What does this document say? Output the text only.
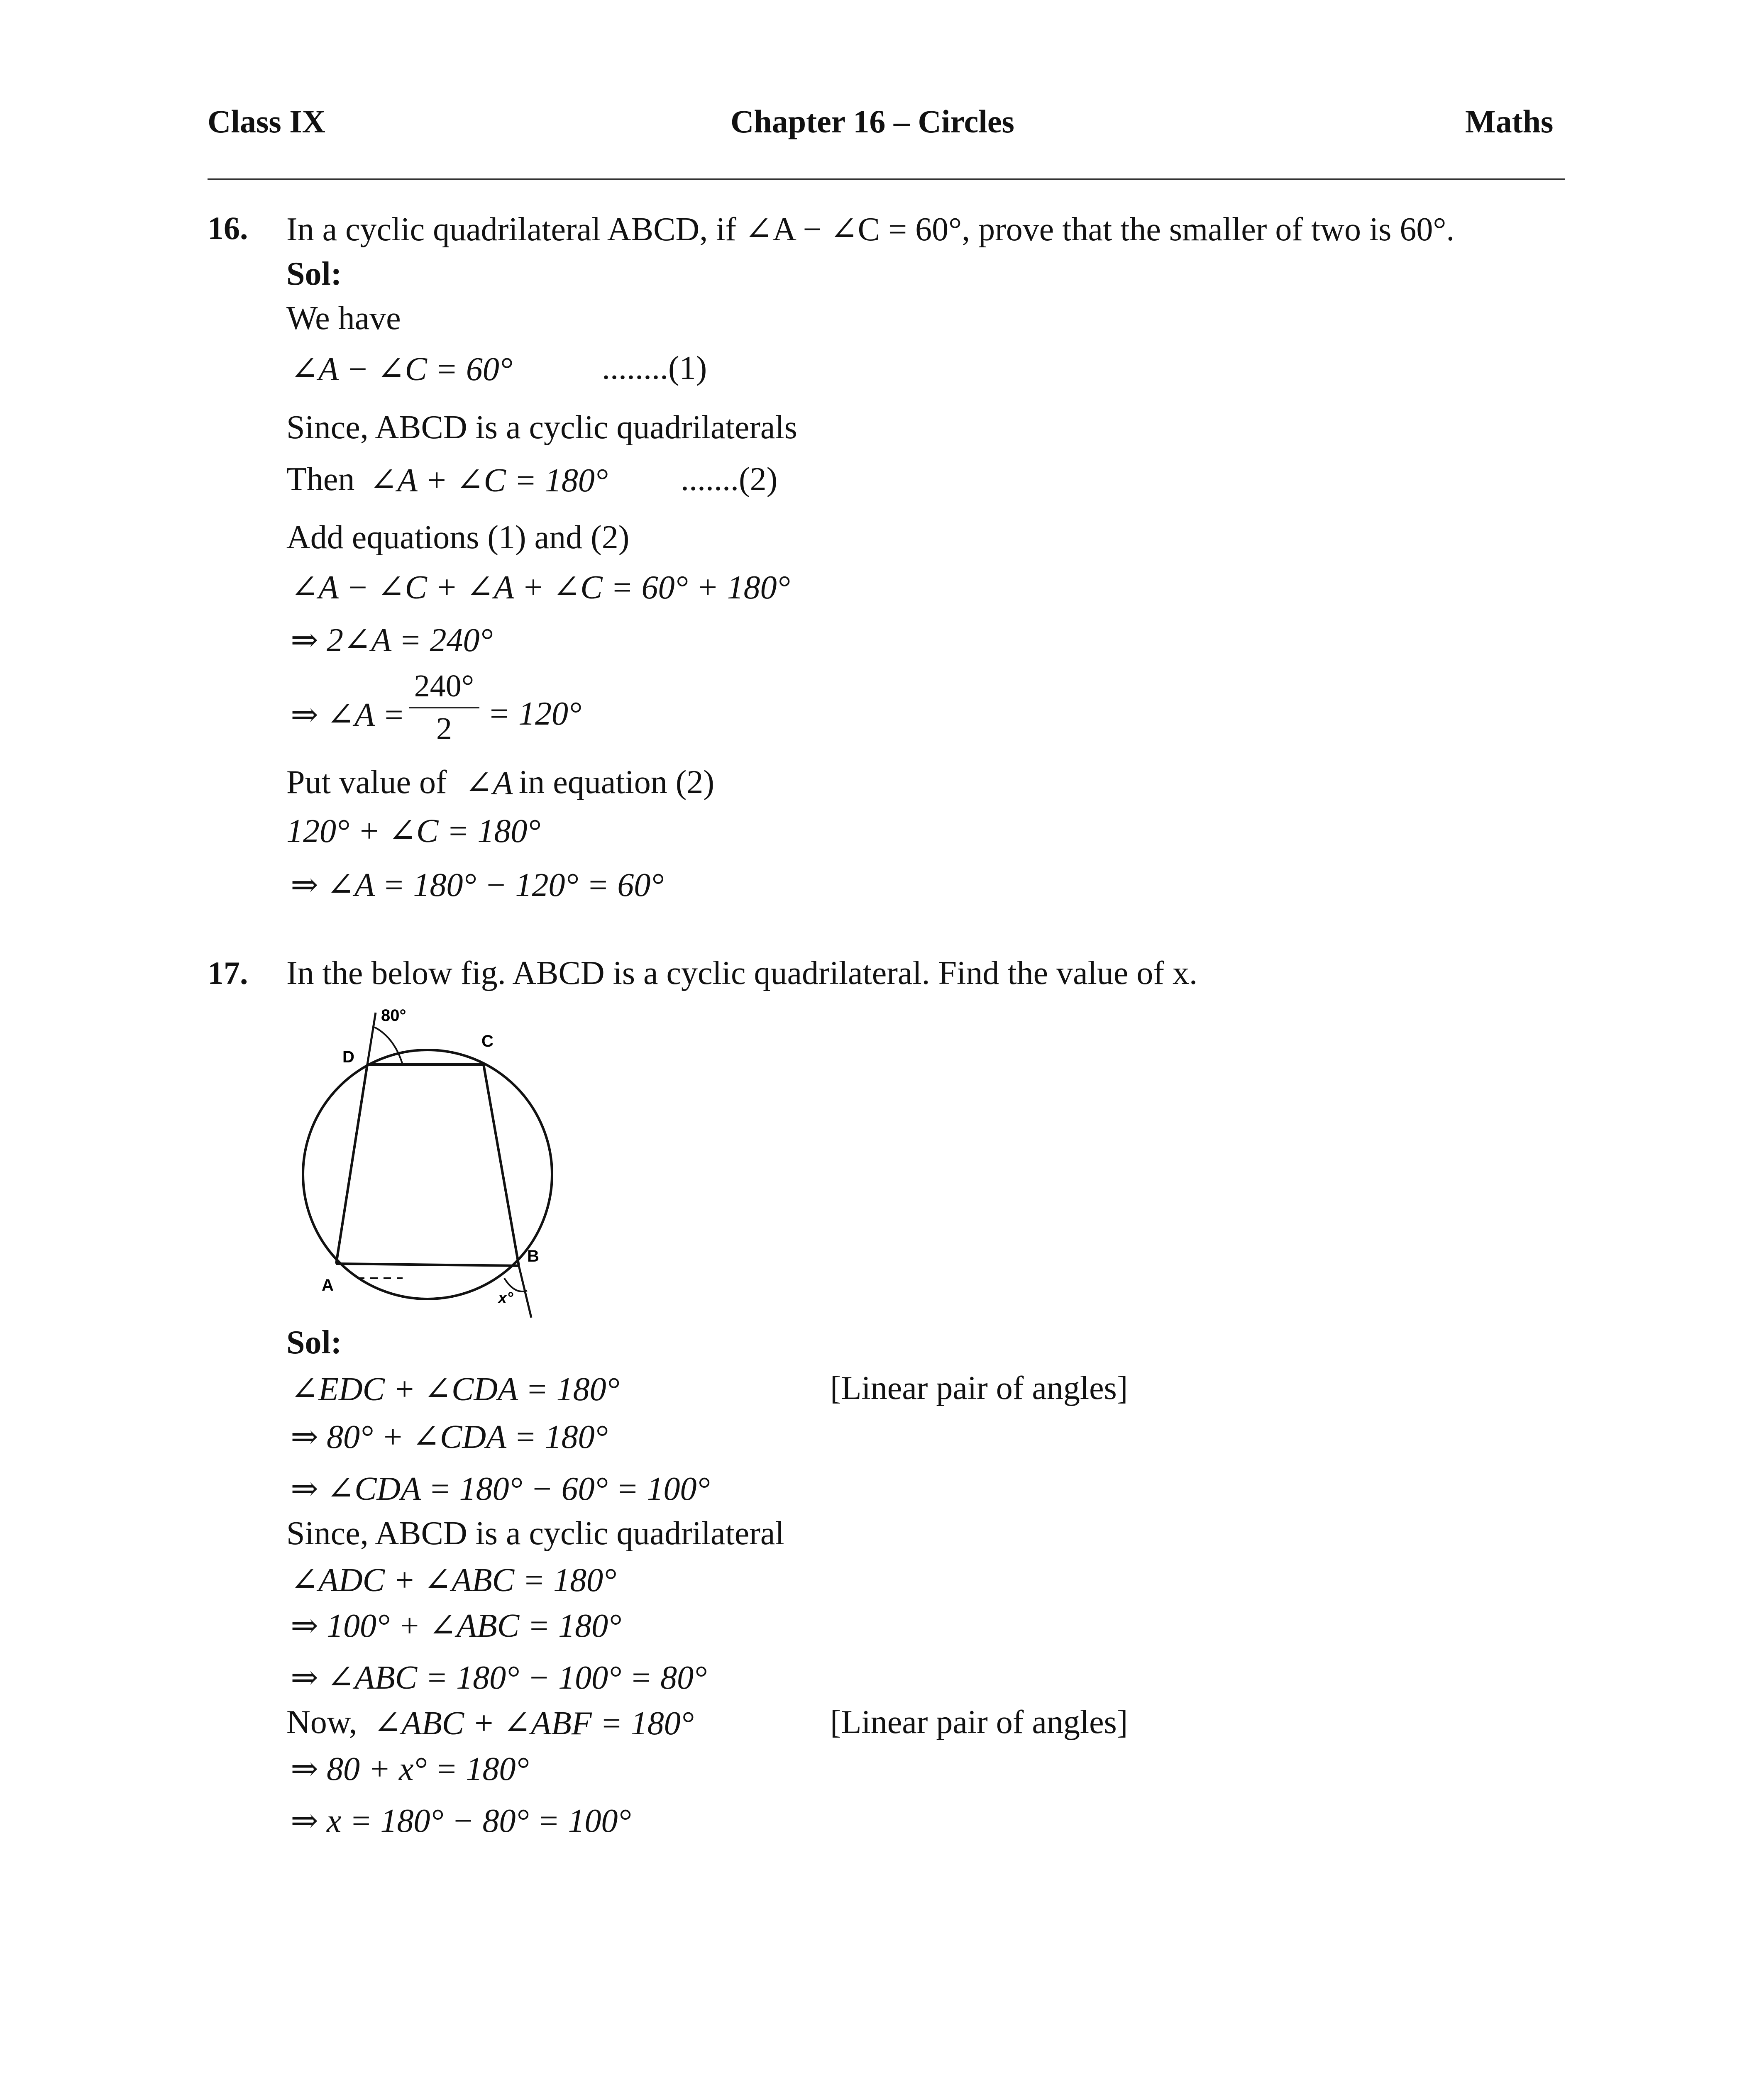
Class IX	Chapter 16 – Circles	Maths
16. In a cyclic quadrilateral ABCD, if ∠A − ∠C = 60°, prove that the smaller of two is 60°.
Sol:
We have
∠A − ∠C = 60°	........(1)
Since, ABCD is a cyclic quadrilaterals
Then ∠A + ∠C = 180° .......(2)
Add equations (1) and (2)
∠A − ∠C + ∠A + ∠C = 60° + 180°
⇒ 2∠A = 240°
⇒ ∠A =
240°
2	= 120°
Put value of ∠A in equation (2)
120° + ∠C = 180°
⇒ ∠A = 180° − 120° = 60°
17. In the below fig. ABCD is a cyclic quadrilateral. Find the value of x.
80°
D
C
A
B
x°
Sol:
∠EDC + ∠CDA = 180°	[Linear pair of angles]
⇒ 80° + ∠CDA = 180°
⇒ ∠CDA = 180° − 60° = 100°
Since, ABCD is a cyclic quadrilateral
∠ADC + ∠ABC = 180°
⇒ 100° + ∠ABC = 180°
⇒ ∠ABC = 180° − 100° = 80°
Now, ∠ABC + ∠ABF = 180°	[Linear pair of angles]
⇒ 80 + x° = 180°
⇒ x = 180° − 80° = 100°
